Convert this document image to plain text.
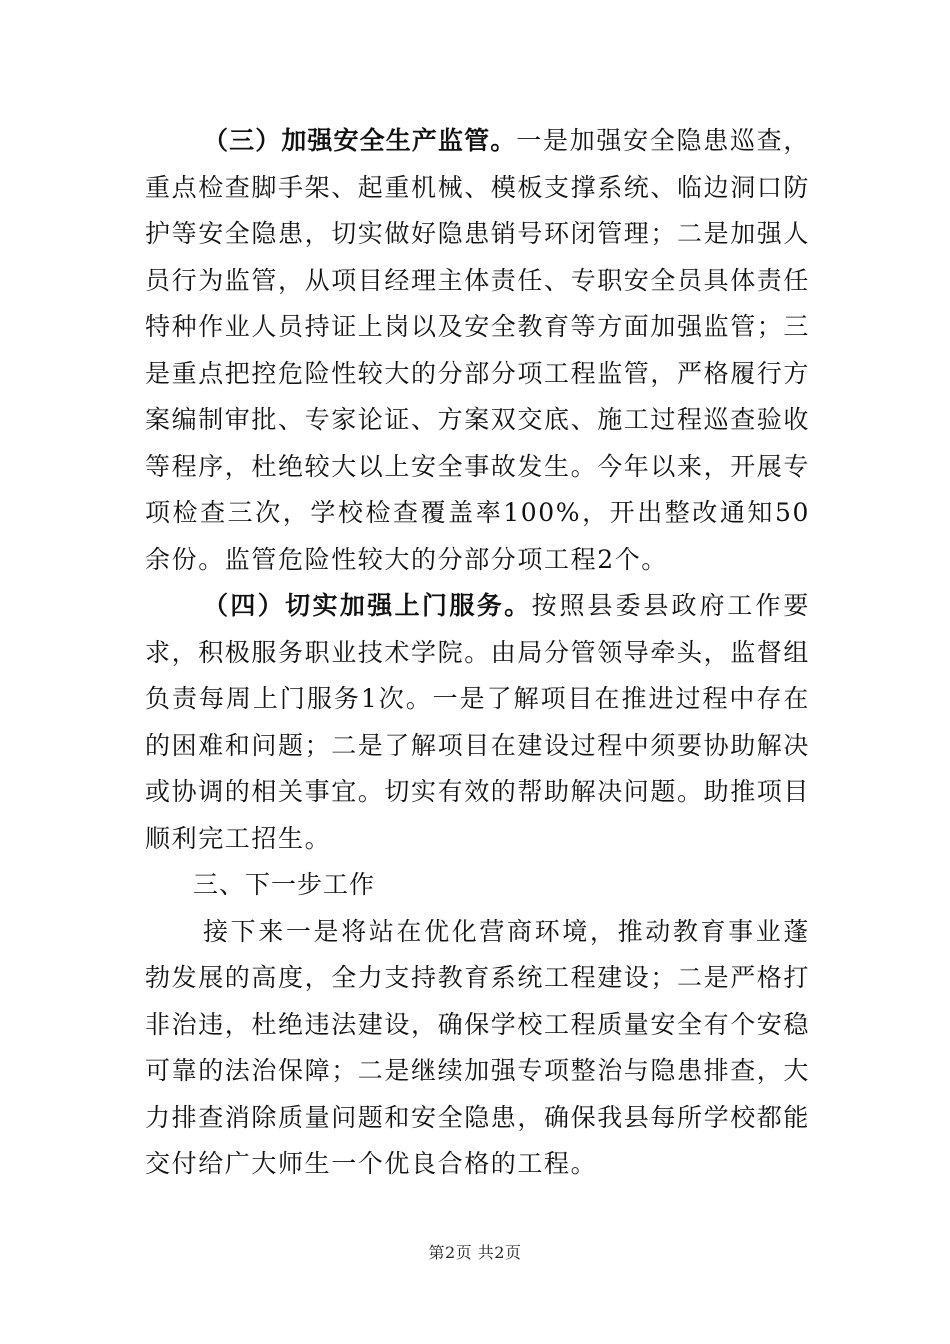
（三）加强安全生产监管。一是加强安全隐患巡查，重点检查脚手架、起重机械、模板支撑系统、临边洞口防护等安全隐患，切实做好隐患销号环闭管理；二是加强人员行为监管，从项目经理主体责任、专职安全员具体责任特种作业人员持证上岗以及安全教育等方面加强监管；三是重点把控危险性较大的分部分项工程监管，严格履行方案编制审批、专家论证、方案双交底、施工过程巡查验收等程序，杜绝较大以上安全事故发生。今年以来，开展专项检查三次，学校检查覆盖率100%，开出整改通知50余份。监管危险性较大的分部分项工程2个。

（四）切实加强上门服务。按照县委县政府工作要求，积极服务职业技术学院。由局分管领导牵头，监督组负责每周上门服务1次。一是了解项目在推进过程中存在的困难和问题；二是了解项目在建设过程中须要协助解决或协调的相关事宜。切实有效的帮助解决问题。助推项目顺利完工招生。

三、下一步工作

接下来一是将站在优化营商环境，推动教育事业蓬勃发展的高度，全力支持教育系统工程建设；二是严格打非治违，杜绝违法建设，确保学校工程质量安全有个安稳可靠的法治保障；二是继续加强专项整治与隐患排查，大力排查消除质量问题和安全隐患，确保我县每所学校都能交付给广大师生一个优良合格的工程。

第2页 共2页
